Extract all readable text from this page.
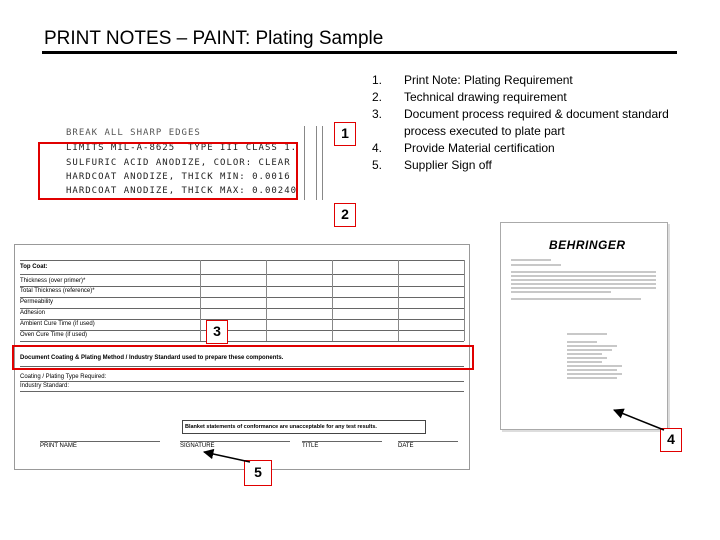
PRINT NOTES – PAINT: Plating Sample
1.	Print Note: Plating Requirement
2.	Technical drawing requirement
3.	Document process required & document standard process executed to plate part
4.	Provide Material certification
5.	Supplier Sign off
BREAK ALL SHARP EDGES
LIMITS MIL-A-8625  TYPE III CLASS 1.
SULFURIC ACID ANODIZE, COLOR: CLEAR
HARDCOAT ANODIZE, THICK MIN: 0.0016
HARDCOAT ANODIZE, THICK MAX: 0.00240
1
2
Top Coat:
Thickness (over primer)*
Total Thickness (reference)*
Permeability
Adhesion
Ambient Cure Time (if used)
Oven Cure Time (if used)
Document Coating & Plating Method / Industry Standard used to prepare these components.
Coating / Plating Type Required:
Industry Standard:
Blanket statements of conformance are unacceptable for any test results.
PRINT NAME	SIGNATURE	TITLE	DATE
3
BEHRINGER
4
5
